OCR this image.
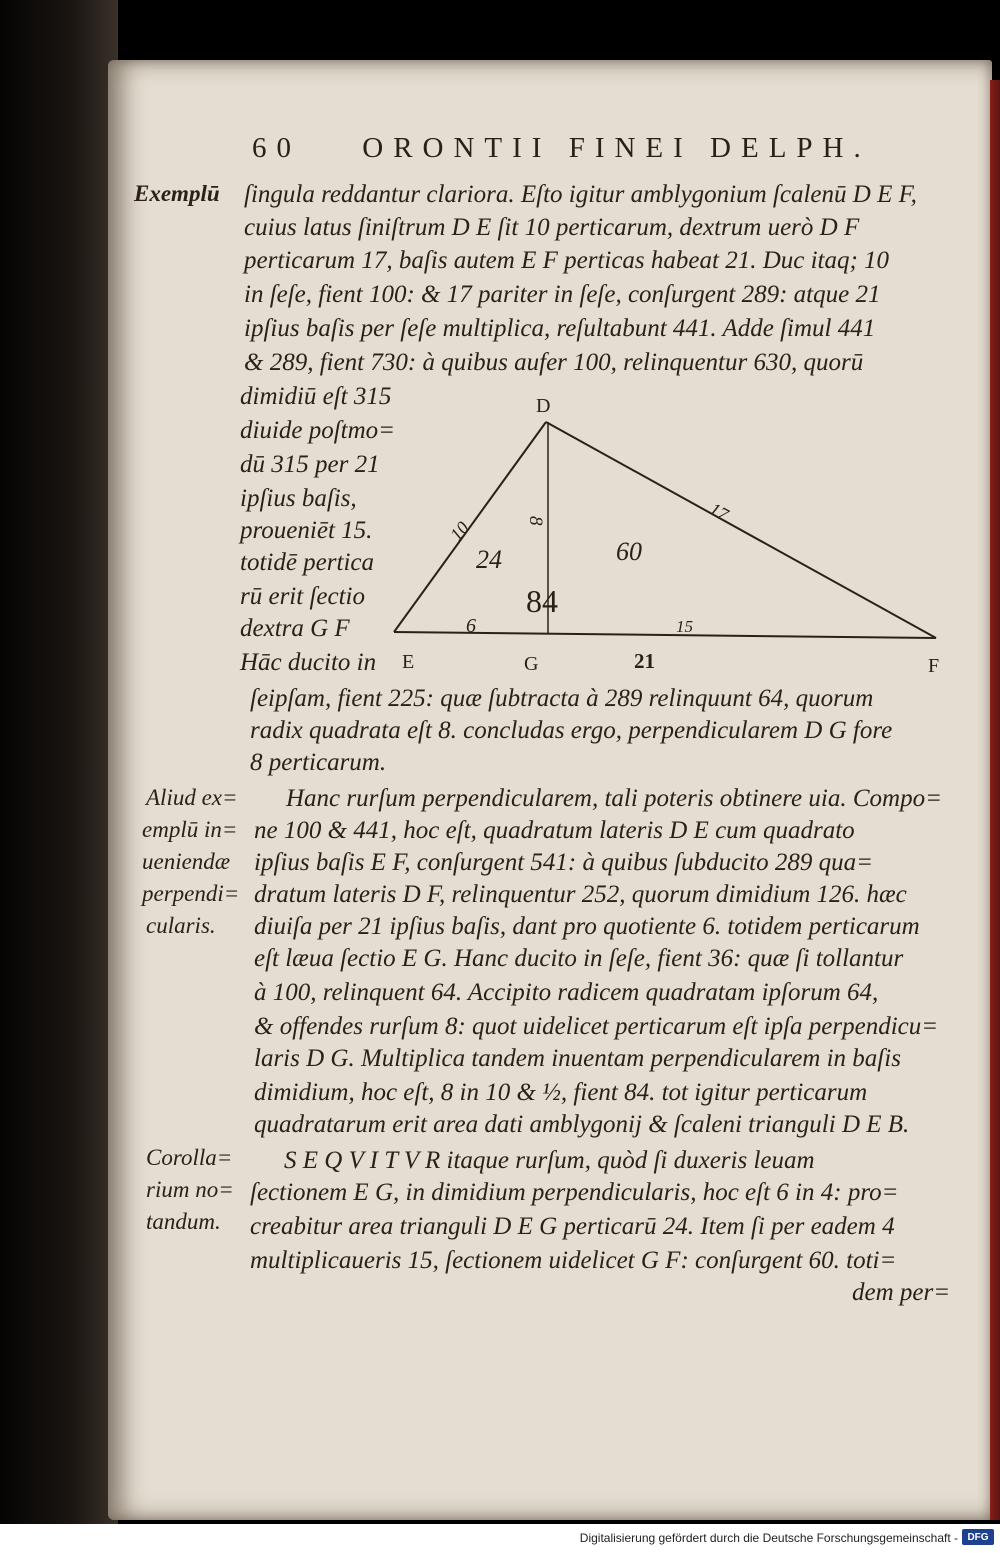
60 ORONTII FINEI DELPH.
Exemplū
Aliud ex=
emplū in=
ueniendæ
perpendi=
cularis.
Corolla=
rium no=
tandum.
ſingula reddantur clariora. Eſto igitur amblygonium ſcalenū D E F,
cuius latus ſiniſtrum D E ſit 10 perticarum, dextrum uerò D F
perticarum 17, baſis autem E F perticas habeat 21. Duc itaq; 10
in ſeſe, fient 100: & 17 pariter in ſeſe, conſurgent 289: atque 21
ipſius baſis per ſeſe multiplica, reſultabunt 441. Adde ſimul 441
& 289, fient 730: à quibus aufer 100, relinquentur 630, quorū
dimidiū eſt 315
diuide poſtmo=
dū 315 per 21
ipſius baſis,
proueniēt 15.
totidē pertica
rū erit ſectio
dextra G F
Hāc ducito in
D
E	G	F
21
10
17
8
24	60
84
6	15
ſeipſam, fient 225: quæ ſubtracta à 289 relinquunt 64, quorum
radix quadrata eſt 8. concludas ergo, perpendicularem D G fore
8 perticarum.
Hanc rurſum perpendicularem, tali poteris obtinere uia. Compo=
ne 100 & 441, hoc eſt, quadratum lateris D E cum quadrato
ipſius baſis E F, conſurgent 541: à quibus ſubducito 289 qua=
dratum lateris D F, relinquentur 252, quorum dimidium 126. hæc
diuiſa per 21 ipſius baſis, dant pro quotiente 6. totidem perticarum
eſt læua ſectio E G. Hanc ducito in ſeſe, fient 36: quæ ſi tollantur
à 100, relinquent 64. Accipito radicem quadratam ipſorum 64,
& offendes rurſum 8: quot uidelicet perticarum eſt ipſa perpendicu=
laris D G. Multiplica tandem inuentam perpendicularem in baſis
dimidium, hoc eſt, 8 in 10 & ½, fient 84. tot igitur perticarum
quadratarum erit area dati amblygonij & ſcaleni trianguli D E B.
S E Q V I T V R itaque rurſum, quòd ſi duxeris leuam
ſectionem E G, in dimidium perpendicularis, hoc eſt 6 in 4: pro=
creabitur area trianguli D E G perticarū 24. Item ſi per eadem 4
multiplicaueris 15, ſectionem uidelicet G F: conſurgent 60. toti=
dem per=
Digitalisierung gefördert durch die Deutsche Forschungsgemeinschaft - DFG
